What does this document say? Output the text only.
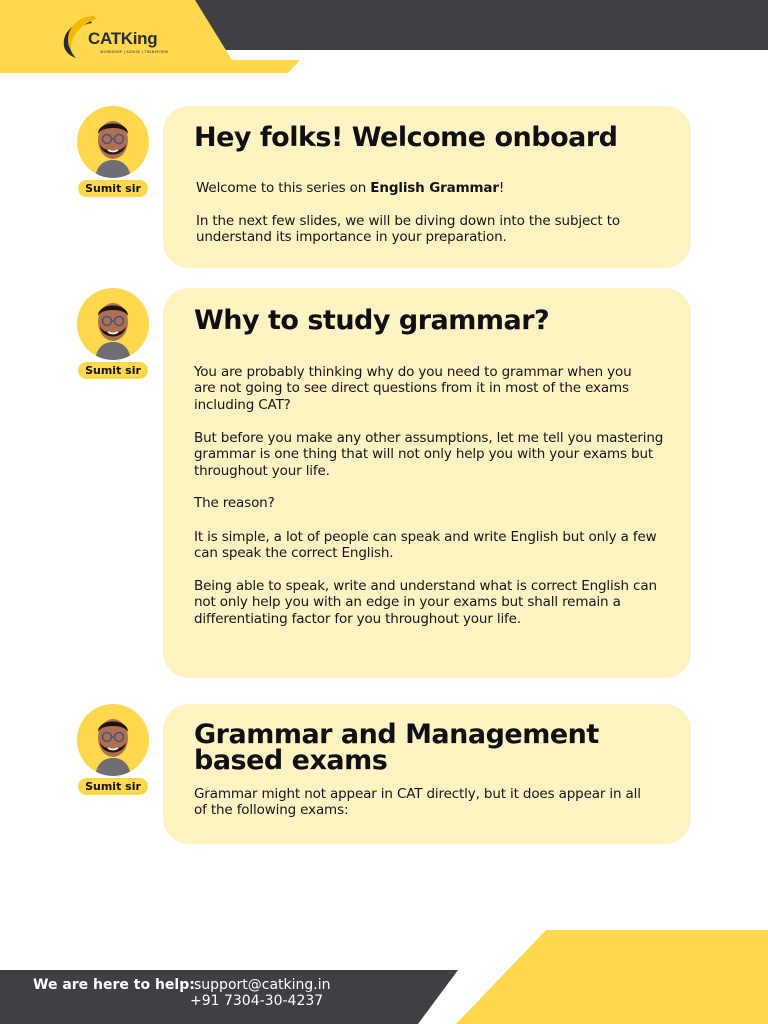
CATKing
WORKSHOP | ADVISE | TRANSFORM
Sumit sir
Hey folks! Welcome onboard

Welcome to this series on English Grammar!

In the next few slides, we will be diving down into the subject to understand its importance in your preparation.

Sumit sir
Why to study grammar?

You are probably thinking why do you need to grammar when you are not going to see direct questions from it in most of the exams including CAT?

But before you make any other assumptions, let me tell you mastering grammar is one thing that will not only help you with your exams but throughout your life.

The reason?

It is simple, a lot of people can speak and write English but only a few can speak the correct English.

Being able to speak, write and understand what is correct English can not only help you with an edge in your exams but shall remain a differentiating factor for you throughout your life.

Sumit sir
Grammar and Management
based exams

Grammar might not appear in CAT directly, but it does appear in all of the following exams:

We are here to help: support@catking.in
+91 7304-30-4237
